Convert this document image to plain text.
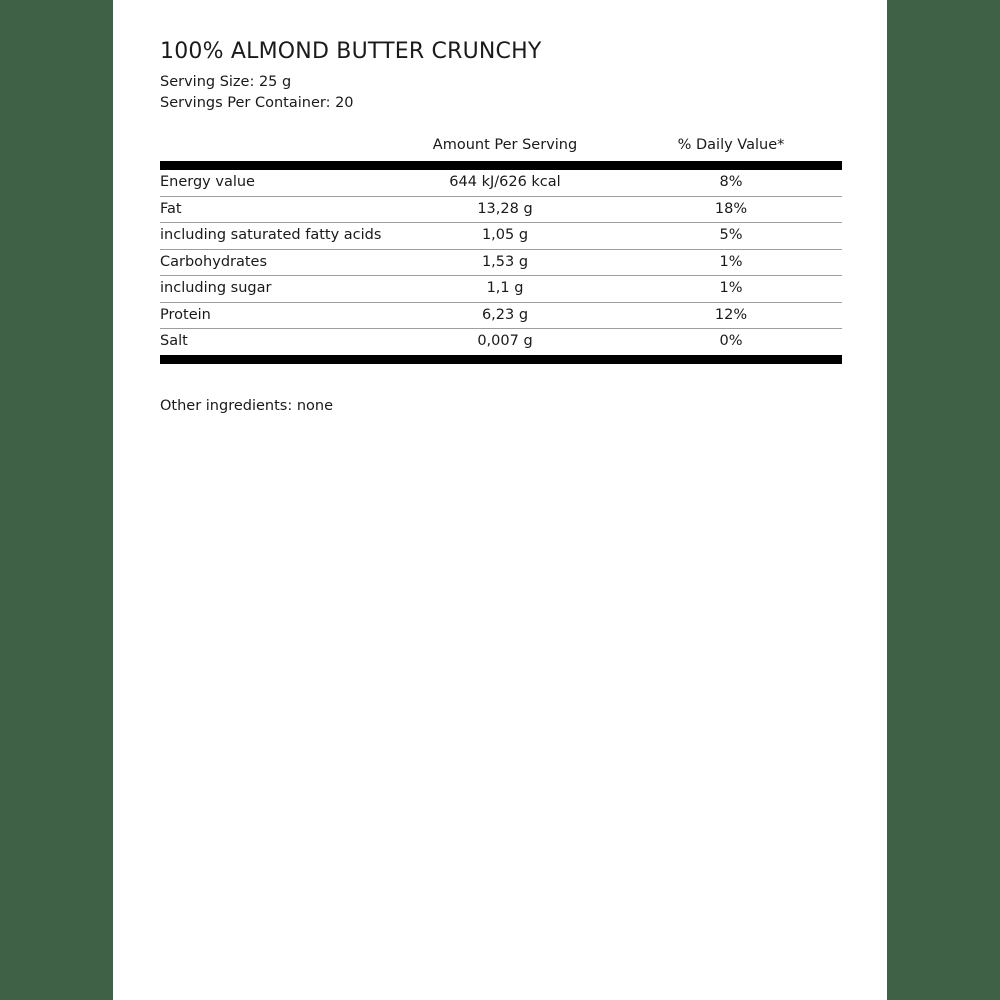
100% ALMOND BUTTER CRUNCHY
Serving Size: 25 g
Servings Per Container: 20
	Amount Per Serving	% Daily Value*

Energy value	644 kJ/626 kcal	8%
Fat	13,28 g	18%
including saturated fatty acids	1,05 g	5%
Carbohydrates	1,53 g	1%
including sugar	1,1 g	1%
Protein	6,23 g	12%
Salt	0,007 g	0%

Other ingredients: none
